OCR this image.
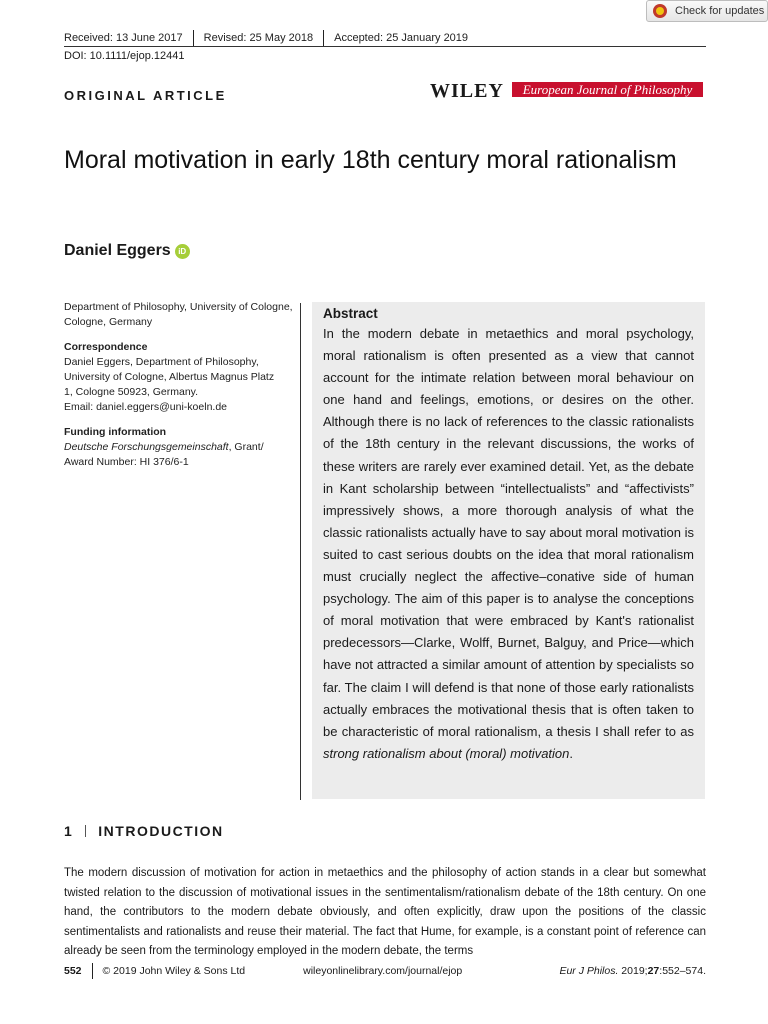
Check for updates
Received: 13 June 2017 Revised: 25 May 2018 Accepted: 25 January 2019
DOI: 10.1111/ejop.12441
ORIGINAL ARTICLE	WILEY	European Journal of Philosophy
Moral motivation in early 18th century moral rationalism
Daniel Eggers iD

Department of Philosophy, University of Cologne, Cologne, Germany

Correspondence
Daniel Eggers, Department of Philosophy,
University of Cologne, Albertus Magnus Platz
1, Cologne 50923, Germany.
Email: daniel.eggers@uni-koeln.de

Funding information
Deutsche Forschungsgemeinschaft, Grant/ Award Number: HI 376/6-1

Abstract
In the modern debate in metaethics and moral psychology, moral rationalism is often presented as a view that cannot account for the intimate relation between moral behaviour on one hand and feelings, emotions, or desires on the other. Although there is no lack of references to the classic rationalists of the 18th century in the relevant discussions, the works of these writers are rarely ever examined detail. Yet, as the debate in Kant scholarship between “intellectualists” and “affectivists” impressively shows, a more thorough analysis of what the classic rationalists actually have to say about moral motivation is suited to cast serious doubts on the idea that moral rationalism must crucially neglect the affective–conative side of human psychology. The aim of this paper is to analyse the conceptions of moral motivation that were embraced by Kant's rationalist predecessors—Clarke, Wolff, Burnet, Balguy, and Price—which have not attracted a similar amount of attention by specialists so far. The claim I will defend is that none of those early rationalists actually embraces the motivational thesis that is often taken to be characteristic of moral rationalism, a thesis I shall refer to as strong rationalism about (moral) motivation.
1 INTRODUCTION
The modern discussion of motivation for action in metaethics and the philosophy of action stands in a clear but somewhat twisted relation to the discussion of motivational issues in the sentimentalism/rationalism debate of the 18th century. On one hand, the contributors to the modern debate obviously, and often explicitly, draw upon the positions of the classic sentimentalists and rationalists and reuse their material. The fact that Hume, for example, is a constant point of reference can already be seen from the terminology employed in the modern debate, the terms
552 © 2019 John Wiley & Sons Ltd	wileyonlinelibrary.com/journal/ejop	Eur J Philos. 2019;27:552–574.
